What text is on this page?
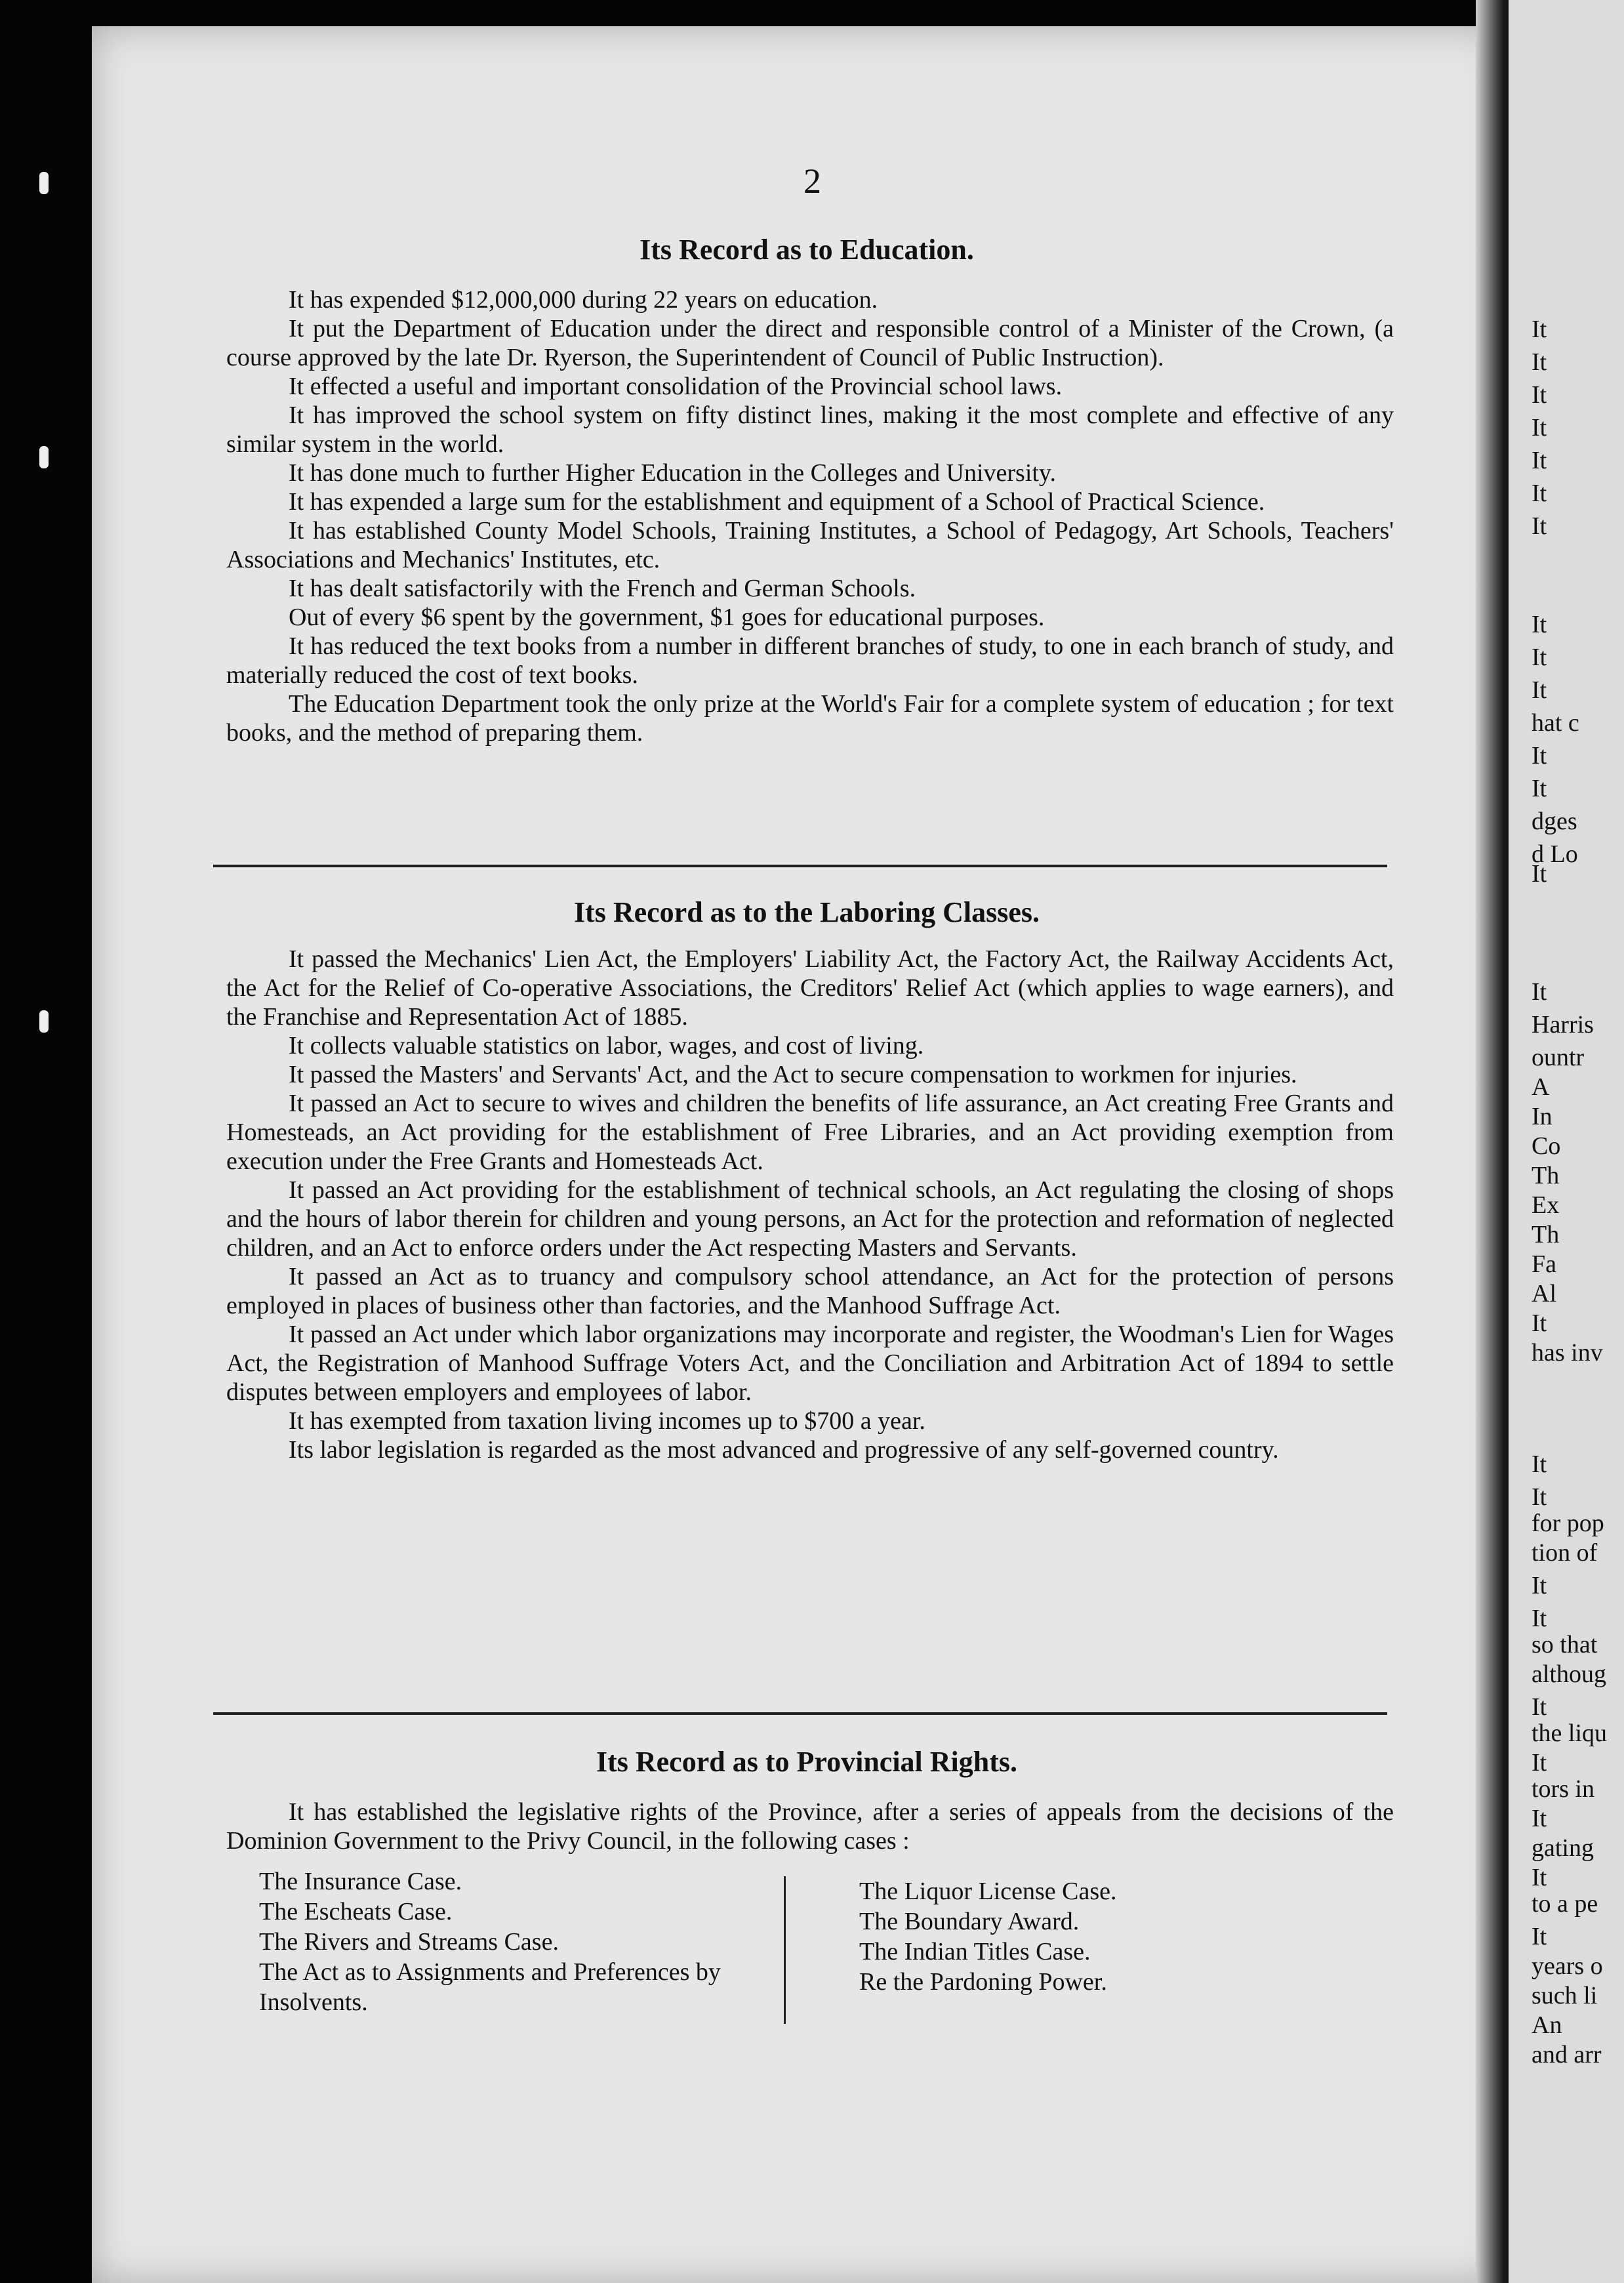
It
It
It
It
It
It
It
It
It
It
hat c
It
It
dges
d Lo
It
It
Harris
ountr
A
In
Co
Th
Ex
Th
Fa
Al
It
has inv
It
It
for pop
tion of
It
It
so that
althoug
It
the liqu
It
tors in
It
gating
It
to a pe
It
years o
such li
An
and arr
2
Its Record as to Education.

It has expended $12,000,000 during 22 years on education.

It put the Department of Education under the direct and responsible control of a Minister of the Crown, (a course approved by the late Dr. Ryerson, the Superintendent of Council of Public Instruction).

It effected a useful and important consolidation of the Provincial school laws.

It has improved the school system on fifty distinct lines, making it the most complete and effective of any similar system in the world.

It has done much to further Higher Education in the Colleges and University.

It has expended a large sum for the establishment and equipment of a School of Practical Science.

It has established County Model Schools, Training Institutes, a School of Pedagogy, Art Schools, Teachers' Associations and Mechanics' Institutes, etc.

It has dealt satisfactorily with the French and German Schools.

Out of every $6 spent by the government, $1 goes for educational purposes.

It has reduced the text books from a number in different branches of study, to one in each branch of study, and materially reduced the cost of text books.

The Education Department took the only prize at the World's Fair for a complete system of education ; for text books, and the method of preparing them.

Its Record as to the Laboring Classes.

It passed the Mechanics' Lien Act, the Employers' Liability Act, the Factory Act, the Railway Accidents Act, the Act for the Relief of Co-operative Associations, the Creditors' Relief Act (which applies to wage earners), and the Franchise and Representation Act of 1885.

It collects valuable statistics on labor, wages, and cost of living.

It passed the Masters' and Servants' Act, and the Act to secure compensation to workmen for injuries.

It passed an Act to secure to wives and children the benefits of life assurance, an Act creating Free Grants and Homesteads, an Act providing for the establishment of Free Libraries, and an Act providing exemption from execution under the Free Grants and Homesteads Act.

It passed an Act providing for the establishment of technical schools, an Act regulating the closing of shops and the hours of labor therein for children and young persons, an Act for the protection and reformation of neglected children, and an Act to enforce orders under the Act respecting Masters and Servants.

It passed an Act as to truancy and compulsory school attendance, an Act for the protection of persons employed in places of business other than factories, and the Manhood Suffrage Act.

It passed an Act under which labor organizations may incorporate and register, the Woodman's Lien for Wages Act, the Registration of Manhood Suffrage Voters Act, and the Conciliation and Arbitration Act of 1894 to settle disputes between employers and employees of labor.

It has exempted from taxation living incomes up to $700 a year.

Its labor legislation is regarded as the most advanced and progressive of any self-governed country.

Its Record as to Provincial Rights.

It has established the legislative rights of the Province, after a series of appeals from the decisions of the Dominion Government to the Privy Council, in the following cases :

The Insurance Case.
The Escheats Case.
The Rivers and Streams Case.
The Act as to Assignments and Preferences by Insolvents.
The Liquor License Case.
The Boundary Award.
The Indian Titles Case.
Re the Pardoning Power.
